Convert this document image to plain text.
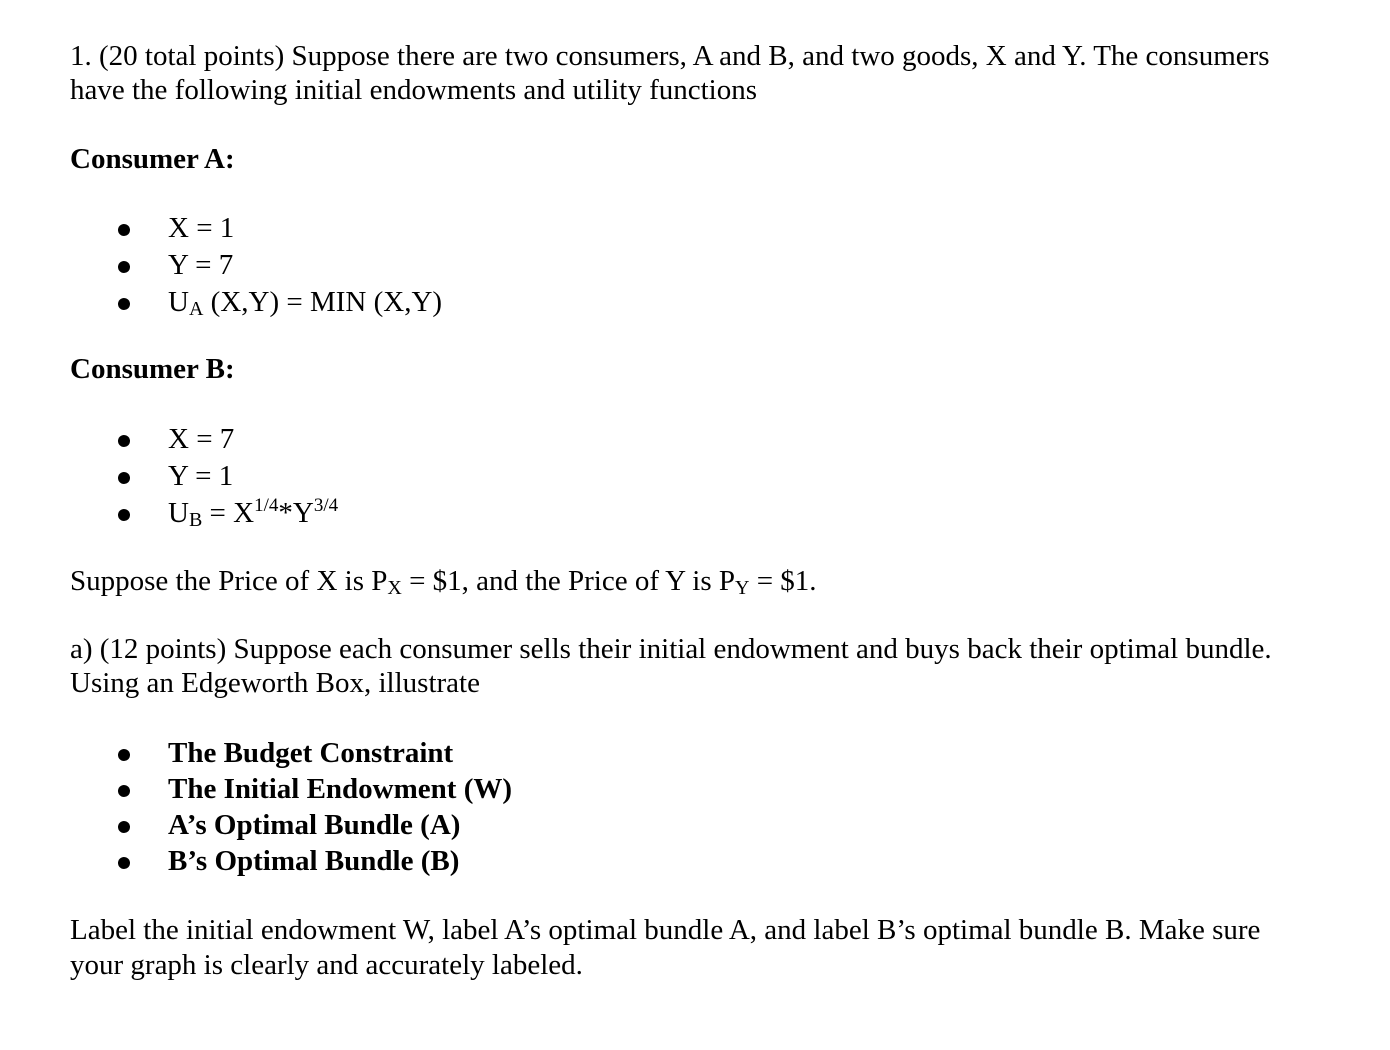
1. (20 total points) Suppose there are two consumers, A and B, and two goods, X and Y. The consumers

have the following initial endowments and utility functions

Consumer A:

X = 1
Y = 7
$U_A$ (X,Y) = MIN (X,Y)

Consumer B:

X = 7
Y = 1
$U_B = X^{1/4}*Y^{3/4}$

Suppose the Price of X is $P_X$ = $1, and the Price of Y is $P_Y$ = $1.

a) (12 points) Suppose each consumer sells their initial endowment and buys back their optimal bundle.

Using an Edgeworth Box, illustrate

The Budget Constraint
The Initial Endowment (W)
A’s Optimal Bundle (A)
B’s Optimal Bundle (B)

Label the initial endowment W, label A’s optimal bundle A, and label B’s optimal bundle B. Make sure

your graph is clearly and accurately labeled.
